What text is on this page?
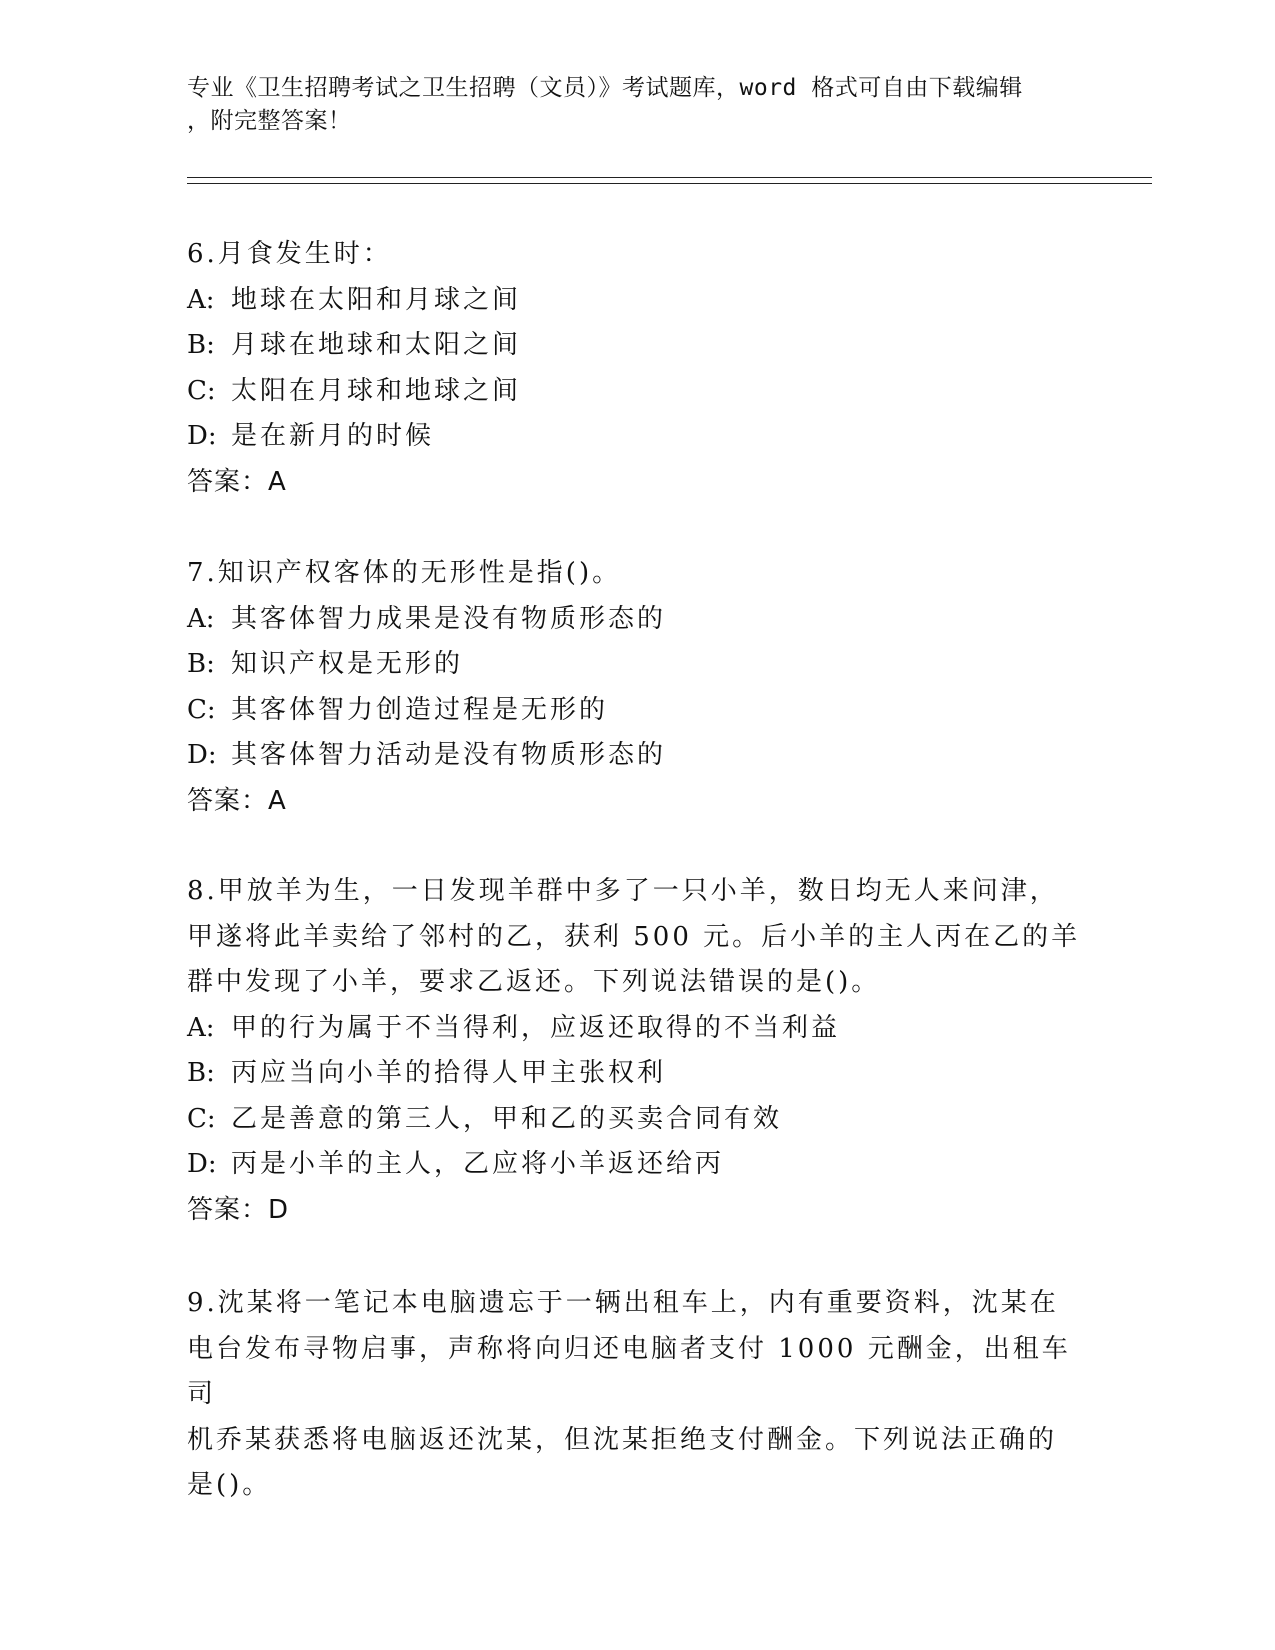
专业《卫生招聘考试之卫生招聘（文员）》考试题库，word 格式可自由下载编辑
，附完整答案！
6.月食发生时：
A: 地球在太阳和月球之间
B: 月球在地球和太阳之间
C: 太阳在月球和地球之间
D: 是在新月的时候
答案：A
7.知识产权客体的无形性是指()。
A: 其客体智力成果是没有物质形态的
B: 知识产权是无形的
C: 其客体智力创造过程是无形的
D: 其客体智力活动是没有物质形态的
答案：A
8.甲放羊为生，一日发现羊群中多了一只小羊，数日均无人来问津，
甲遂将此羊卖给了邻村的乙，获利 500 元。后小羊的主人丙在乙的羊
群中发现了小羊，要求乙返还。下列说法错误的是()。
A: 甲的行为属于不当得利，应返还取得的不当利益
B: 丙应当向小羊的拾得人甲主张权利
C: 乙是善意的第三人，甲和乙的买卖合同有效
D: 丙是小羊的主人，乙应将小羊返还给丙
答案：D
9.沈某将一笔记本电脑遗忘于一辆出租车上，内有重要资料，沈某在
电台发布寻物启事，声称将向归还电脑者支付 1000 元酬金，出租车司
机乔某获悉将电脑返还沈某，但沈某拒绝支付酬金。下列说法正确的
是()。
